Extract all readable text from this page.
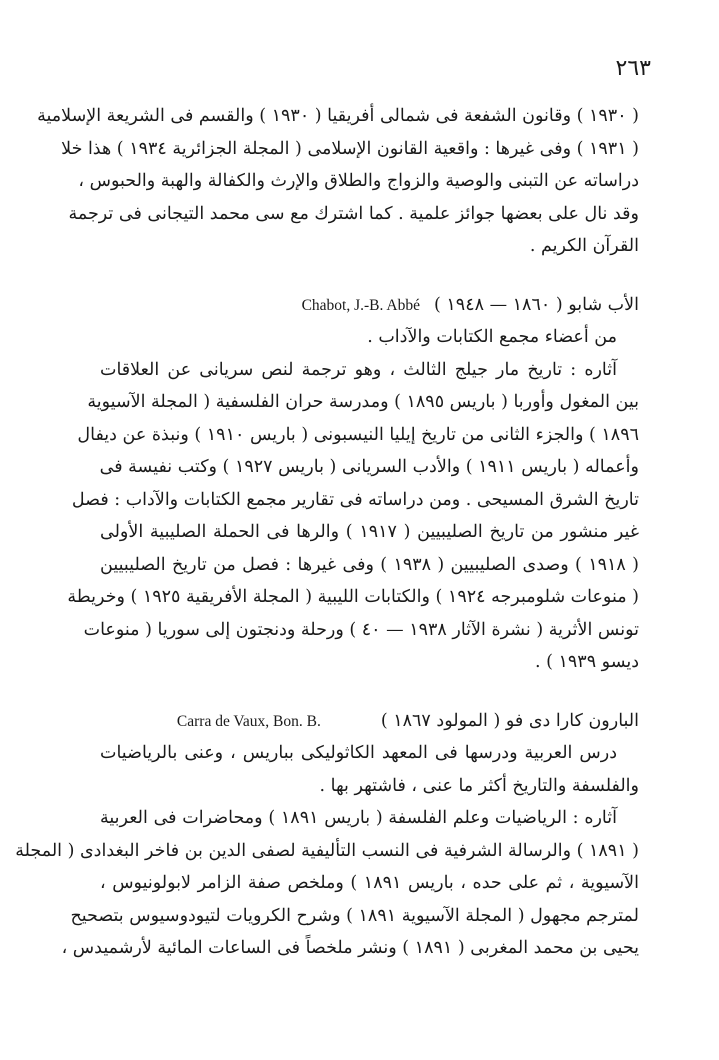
٢٦٣
( ١٩٣٠ ) وقانون الشفعة فى شمالى أفريقيا ( ١٩٣٠ ) والقسم فى الشريعة الإسلامية
( ١٩٣١ ) وفى غيرها : واقعية القانون الإسلامى ( المجلة الجزائرية ١٩٣٤ ) هذا خلا
دراساته عن التبنى والوصية والزواج والطلاق والإرث والكفالة والهبة والحبوس ،
وقد نال على بعضها جوائز علمية . كما اشترك مع سى محمد التيجانى فى ترجمة
القرآن الكريم .
الأب شابو ( ١٨٦٠ — ١٩٤٨ )
Chabot, J.-B. Abbé
من أعضاء مجمع الكتابات والآداب .
آثاره : تاريخ مار جيلج الثالث ، وهو ترجمة لنص سريانى عن العلاقات
بين المغول وأوربا ( باريس ١٨٩٥ ) ومدرسة حران الفلسفية ( المجلة الآسيوية
١٨٩٦ ) والجزء الثانى من تاريخ إيليا النيسبونى ( باريس ١٩١٠ ) ونبذة عن ديفال
وأعماله ( باريس ١٩١١ ) والأدب السريانى ( باريس ١٩٢٧ ) وكتب نفيسة فى
تاريخ الشرق المسيحى . ومن دراساته فى تقارير مجمع الكتابات والآداب : فصل
غير منشور من تاريخ الصليبيين ( ١٩١٧ ) والرها فى الحملة الصليبية الأولى
( ١٩١٨ ) وصدى الصليبيين ( ١٩٣٨ ) وفى غيرها : فصل من تاريخ الصليبيين
( منوعات شلومبرجه ١٩٢٤ ) والكتابات الليبية ( المجلة الأفريقية ١٩٢٥ ) وخريطة
تونس الأثرية ( نشرة الآثار ١٩٣٨ — ٤٠ ) ورحلة ودنجتون إلى سوريا ( منوعات
ديسو ١٩٣٩ ) .
البارون كارا دى فو ( المولود ١٨٦٧ )
Carra de Vaux, Bon. B.
درس العربية ودرسها فى المعهد الكاثوليكى بباريس ، وعنى بالرياضيات
والفلسفة والتاريخ أكثر ما عنى ، فاشتهر بها .
آثاره : الرياضيات وعلم الفلسفة ( باريس ١٨٩١ ) ومحاضرات فى العربية
( ١٨٩١ ) والرسالة الشرفية فى النسب التأليفية لصفى الدين بن فاخر البغدادى ( المجلة
الآسيوية ، ثم على حده ، باريس ١٨٩١ ) وملخص صفة الزامر لابولونيوس ،
لمترجم مجهول ( المجلة الآسيوية ١٨٩١ ) وشرح الكرويات لتيودوسيوس بتصحيح
يحيى بن محمد المغربى ( ١٨٩١ ) ونشر ملخصاً فى الساعات المائية لأرشميدس ،
